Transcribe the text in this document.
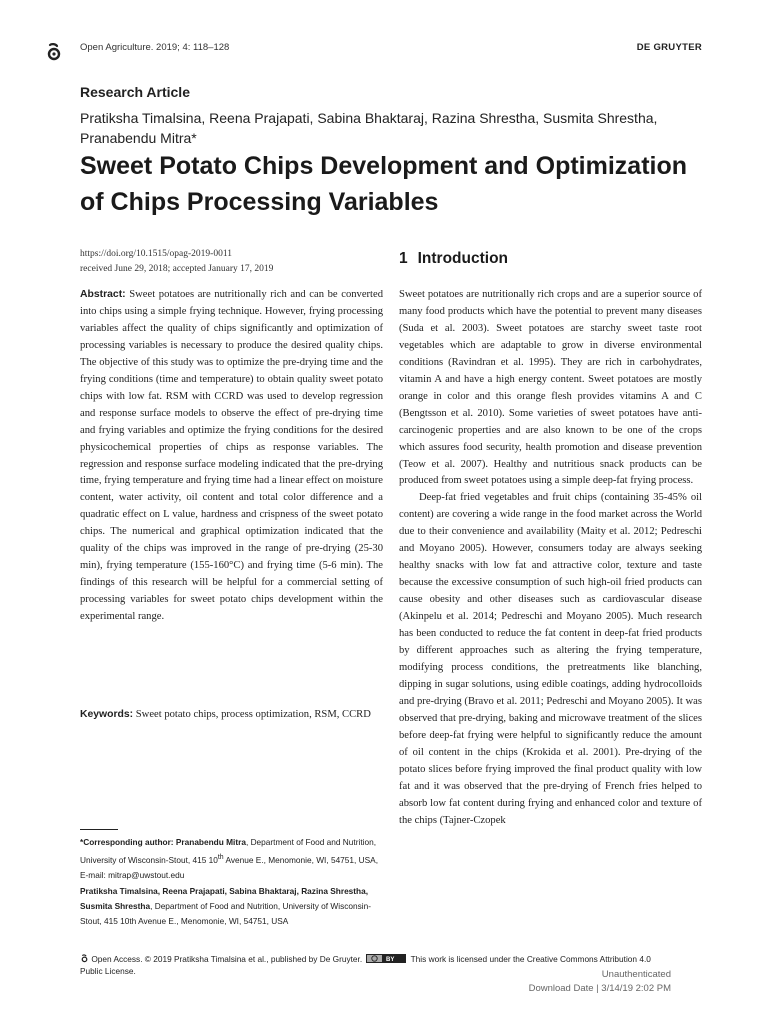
Open Agriculture. 2019; 4: 118–128	DE GRUYTER
Research Article
Pratiksha Timalsina, Reena Prajapati, Sabina Bhaktaraj, Razina Shrestha, Susmita Shrestha, Pranabendu Mitra*
Sweet Potato Chips Development and Optimization of Chips Processing Variables
https://doi.org/10.1515/opag-2019-0011
received June 29, 2018; accepted January 17, 2019

Abstract: Sweet potatoes are nutritionally rich and can be converted into chips using a simple frying technique. However, frying processing variables affect the quality of chips significantly and optimization of processing variables is necessary to produce the desired quality chips. The objective of this study was to optimize the pre-drying time and the frying conditions (time and temperature) to obtain quality sweet potato chips with low fat. RSM with CCRD was used to develop regression and response surface models to observe the effect of pre-drying time and frying variables and optimize the frying conditions for the desired physicochemical properties of chips as response variables. The regression and response surface modeling indicated that the pre-drying time, frying temperature and frying time had a linear effect on moisture content, water activity, oil content and total color difference and a quadratic effect on L value, hardness and crispness of the sweet potato chips. The numerical and graphical optimization indicated that the quality of the chips was improved in the range of pre-drying (25-30 min), frying temperature (155-160°C) and frying time (5-6 min). The findings of this research will be helpful for a commercial setting of processing variables for sweet potato chips development within the experimental range.

Keywords: Sweet potato chips, process optimization, RSM, CCRD

*Corresponding author: Pranabendu Mitra, Department of Food and Nutrition, University of Wisconsin-Stout, 415 10th Avenue E., Menomonie, WI, 54751, USA, E-mail: mitrap@uwstout.edu
Pratiksha Timalsina, Reena Prajapati, Sabina Bhaktaraj, Razina Shrestha, Susmita Shrestha, Department of Food and Nutrition, University of Wisconsin-Stout, 415 10th Avenue E., Menomonie, WI, 54751, USA
1 Introduction

Sweet potatoes are nutritionally rich crops and are a superior source of many food products which have the potential to prevent many diseases (Suda et al. 2003). Sweet potatoes are starchy sweet taste root vegetables which are adaptable to grow in diverse environmental conditions (Ravindran et al. 1995). They are rich in carbohydrates, vitamin A and have a high energy content. Sweet potatoes are mostly orange in color and this orange flesh provides vitamins A and C (Bengtsson et al. 2010). Some varieties of sweet potatoes have anti-carcinogenic properties and are also known to be one of the crops which assures food security, health promotion and disease prevention (Teow et al. 2007). Healthy and nutritious snack products can be produced from sweet potatoes using a simple deep-fat frying process.

Deep-fat fried vegetables and fruit chips (containing 35-45% oil content) are covering a wide range in the food market across the World due to their convenience and availability (Maity et al. 2012; Pedreschi and Moyano 2005). However, consumers today are always seeking healthy snacks with low fat and attractive color, texture and taste because the excessive consumption of such high-oil fried products can cause obesity and other diseases such as cardiovascular disease (Akinpelu et al. 2014; Pedreschi and Moyano 2005). Much research has been conducted to reduce the fat content in deep-fat fried products by different approaches such as altering the frying temperature, modifying process conditions, the pretreatments like blanching, dipping in sugar solutions, using edible coatings, adding hydrocolloids and pre-drying (Bravo et al. 2011; Pedreschi and Moyano 2005). It was observed that pre-drying, baking and microwave treatment of the slices before deep-fat frying were helpful to significantly reduce the amount of oil content in the chips (Krokida et al. 2001). Pre-drying of the potato slices before frying improved the final product quality with low fat and it was observed that the pre-drying of French fries helped to absorb low fat content during frying and enhanced color and texture of the chips (Tajner-Czopek

Open Access. © 2019 Pratiksha Timalsina et al., published by De Gruyter.	BY This work is licensed under the Creative Commons Attribution 4.0
Public License.	Unauthenticated
Download Date | 3/14/19 2:02 PM
